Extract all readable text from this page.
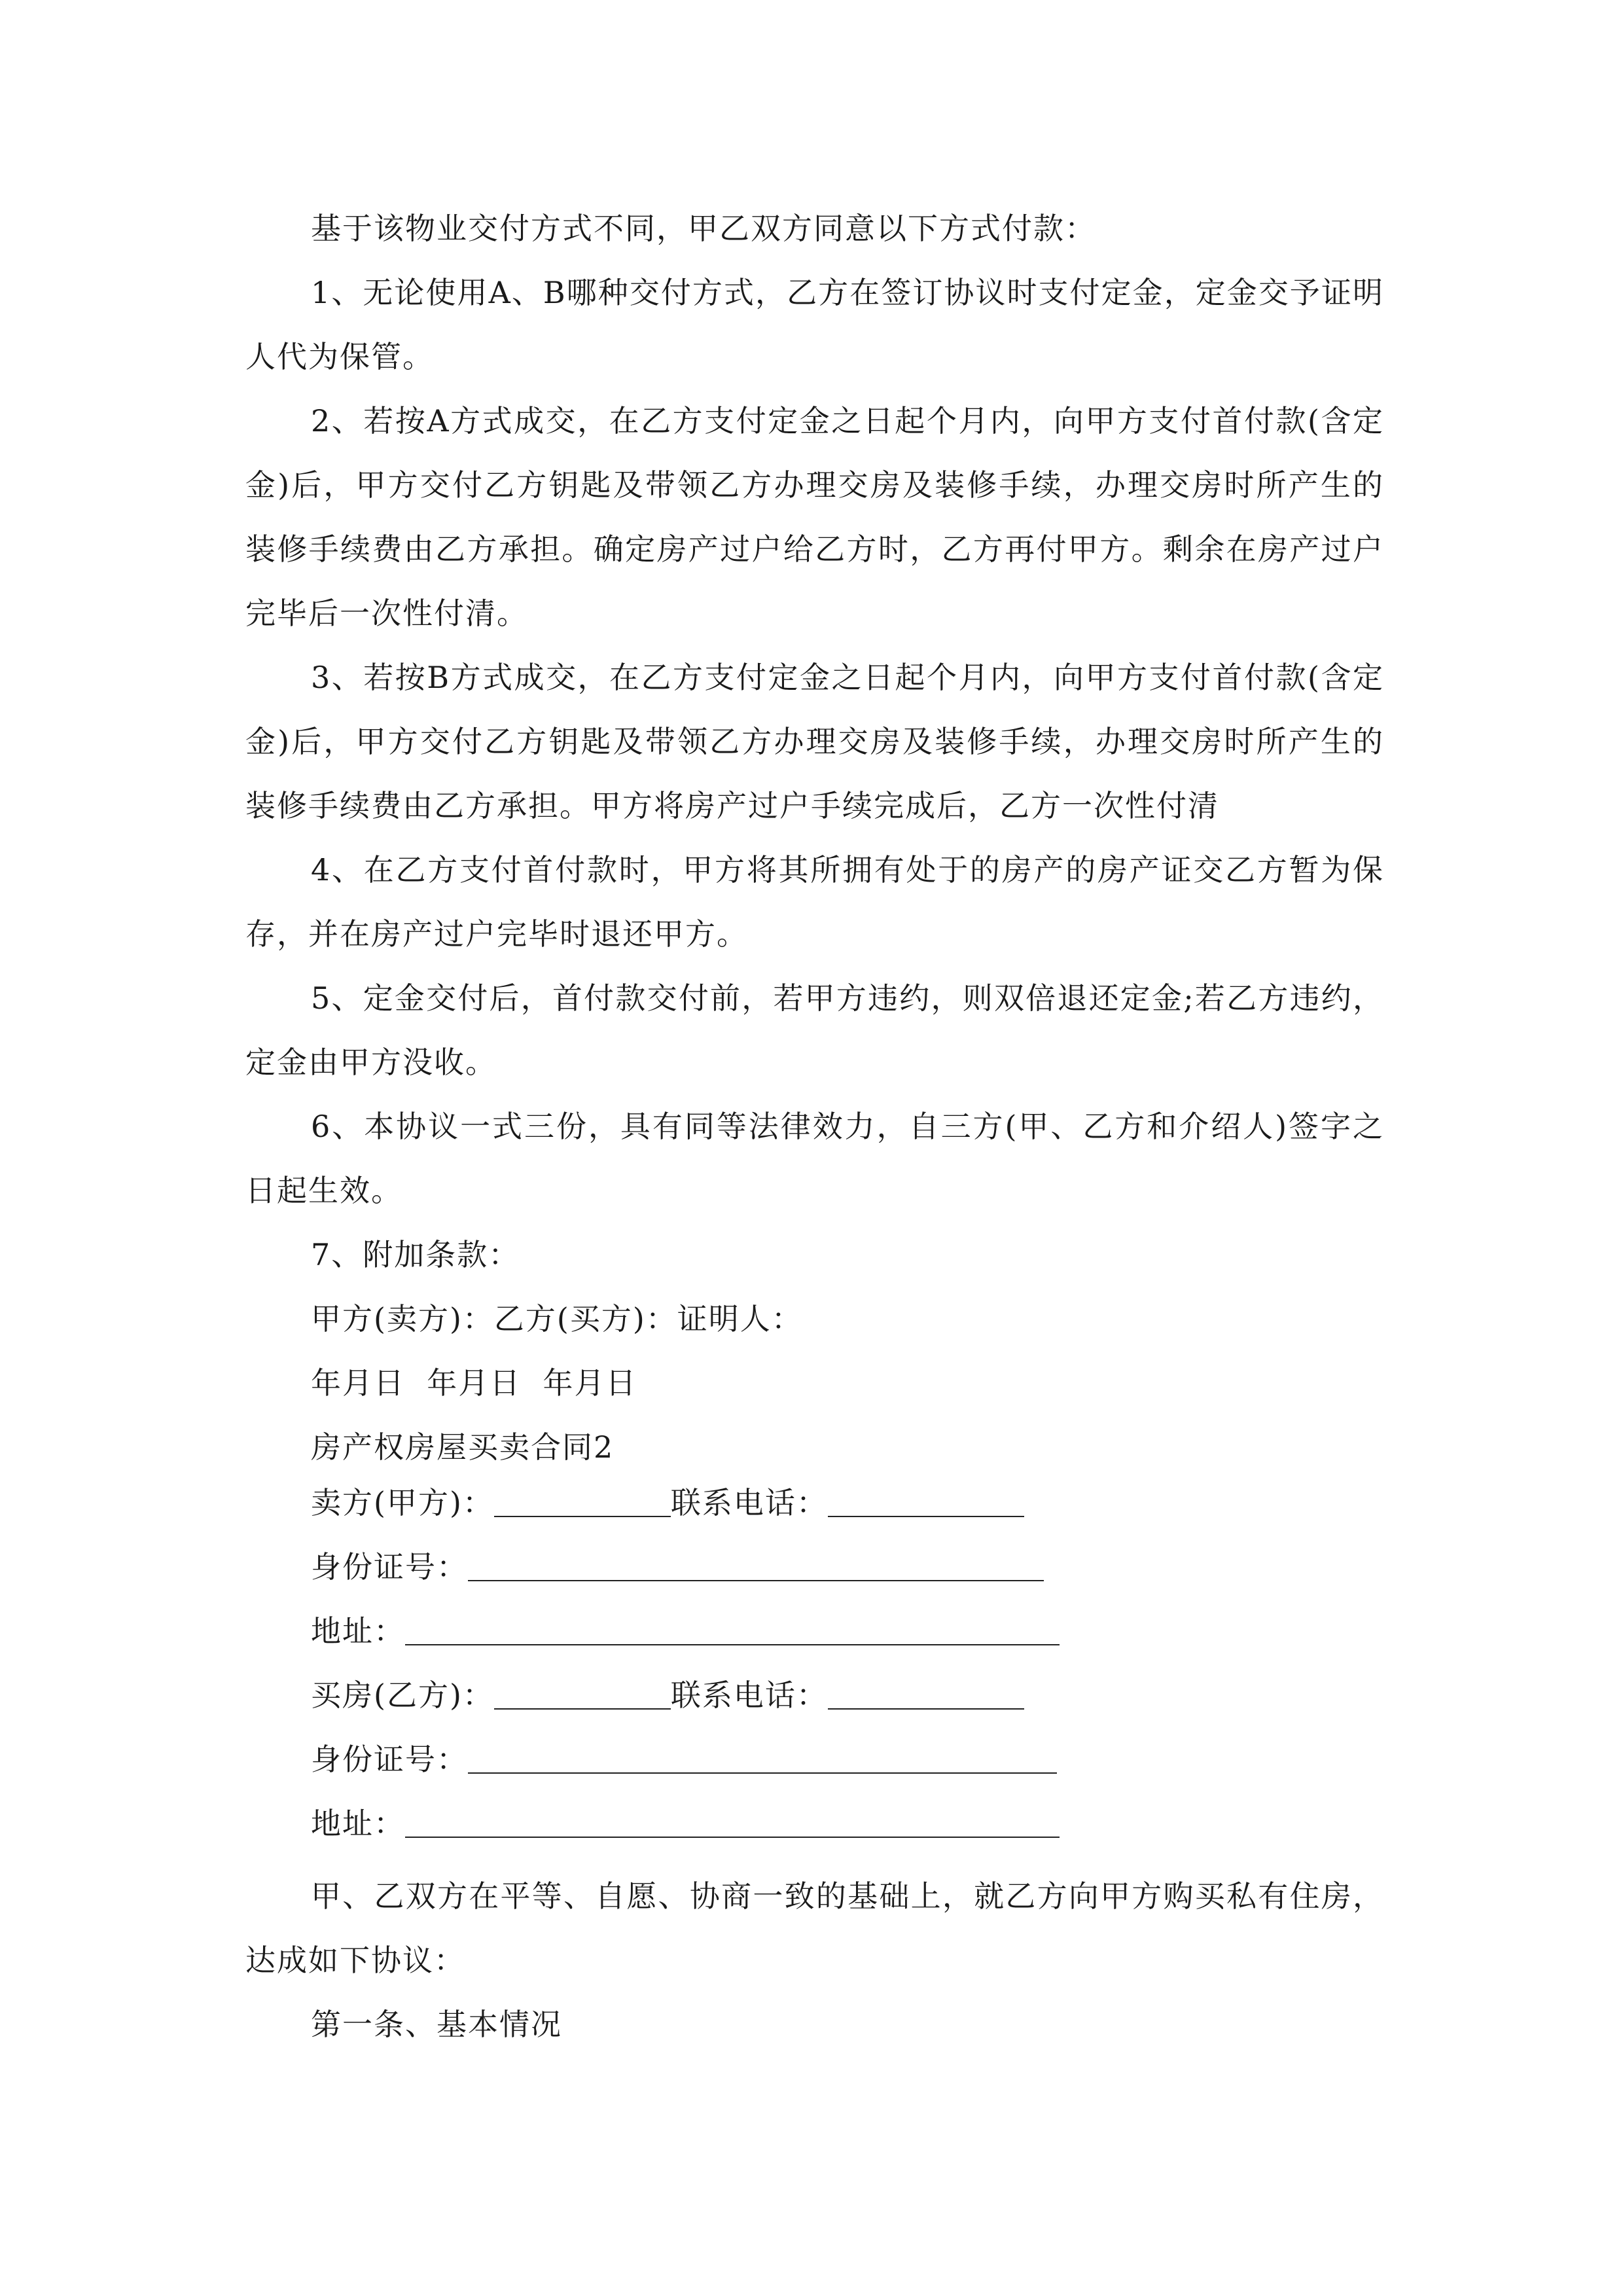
基于该物业交付方式不同，甲乙双方同意以下方式付款：

1、无论使用A、B哪种交付方式，乙方在签订协议时支付定金，定金交予证明人代为保管。

2、若按A方式成交，在乙方支付定金之日起个月内，向甲方支付首付款(含定金)后，甲方交付乙方钥匙及带领乙方办理交房及装修手续，办理交房时所产生的装修手续费由乙方承担。确定房产过户给乙方时，乙方再付甲方。剩余在房产过户完毕后一次性付清。

3、若按B方式成交，在乙方支付定金之日起个月内，向甲方支付首付款(含定金)后，甲方交付乙方钥匙及带领乙方办理交房及装修手续，办理交房时所产生的装修手续费由乙方承担。甲方将房产过户手续完成后，乙方一次性付清

4、在乙方支付首付款时，甲方将其所拥有处于的房产的房产证交乙方暂为保存，并在房产过户完毕时退还甲方。

5、定金交付后，首付款交付前，若甲方违约，则双倍退还定金;若乙方违约，定金由甲方没收。

6、本协议一式三份，具有同等法律效力，自三方(甲、乙方和介绍人)签字之日起生效。

7、附加条款：

甲方(卖方)：乙方(买方)：证明人：

年月日  年月日  年月日

房产权房屋买卖合同2

卖方(甲方)：	联系电话：
身份证号：
地址：
买房(乙方)：	联系电话：
身份证号：
地址：

甲、乙双方在平等、自愿、协商一致的基础上，就乙方向甲方购买私有住房，达成如下协议：

第一条、基本情况
